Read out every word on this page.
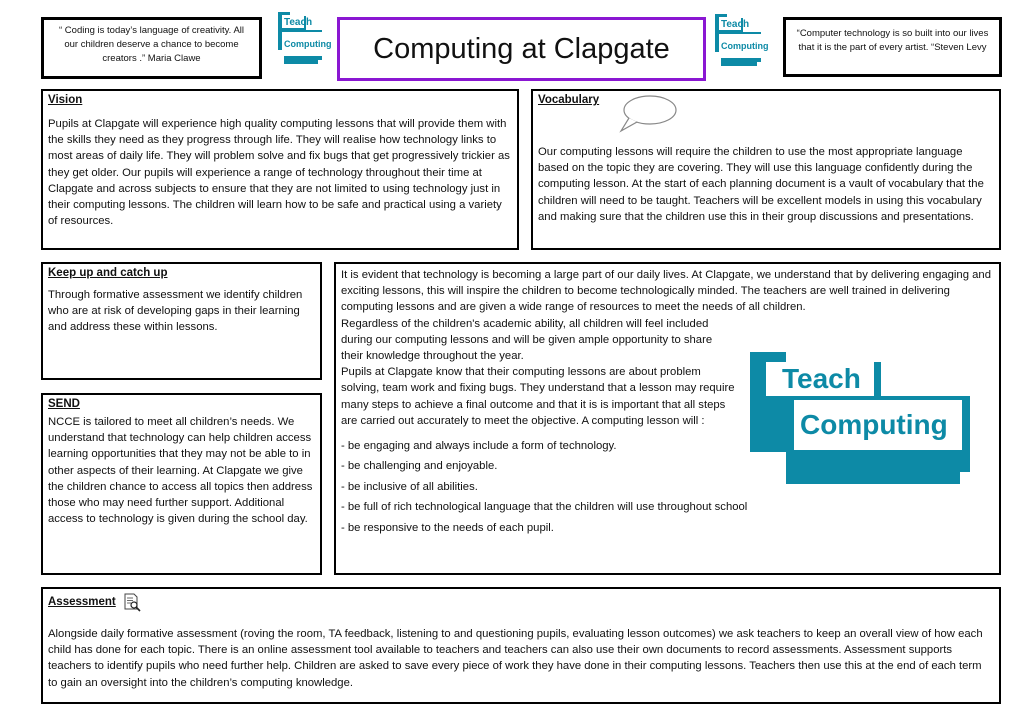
“ Coding is today’s language of creativity. All our children deserve a chance to become creators .” Maria Clawe
Teach
Computing Computing at Clapgate
Teach
Computing
“Computer technology is so built into our lives that it is the part of every artist. “Steven Levy
Vision

Pupils at Clapgate will experience high quality computing lessons that will provide them with the skills they need as they progress through life. They will realise how technology links to most areas of daily life. They will problem solve and fix bugs that get progressively trickier as they get older. Our pupils will experience a range of technology throughout their time at Clapgate and across subjects to ensure that they are not limited to using technology just in their computing lessons. The children will learn how to be safe and practical using a variety of resources.

Vocabulary

Our computing lessons will require the children to use the most appropriate language based on the topic they are covering. They will use this language confidently during the computing lesson. At the start of each planning document is a vault of vocabulary that the children will need to be taught. Teachers will be excellent models in using this vocabulary and making sure that the children use this in their group discussions and presentations.

Keep up and catch up

Through formative assessment we identify children who are at risk of developing gaps in their learning and address these within lessons.

SEND

NCCE is tailored to meet all children’s needs. We understand that technology can help children access learning opportunities that they may not be able to in other aspects of their learning. At Clapgate we give the children chance to access all topics then address those who may need further support. Additional access to technology is given during the school day.

It is evident that technology is becoming a large part of our daily lives. At Clapgate, we understand that by delivering engaging and exciting lessons, this will inspire the children to become technologically minded. The teachers are well trained in delivering computing lessons and are given a wide range of resources to meet the needs of all children.

Regardless of the children's academic ability, all children will feel included during our computing lessons and will be given ample opportunity to share their knowledge throughout the year.

Pupils at Clapgate know that their computing lessons are about problem solving, team work and fixing bugs. They understand that a lesson may require many steps to achieve a final outcome and that it is is important that all steps are carried out accurately to meet the objective. A computing lesson will :

- be engaging and always include a form of technology.
- be challenging and enjoyable.
- be inclusive of all abilities.
- be full of rich technological language that the children will use throughout school
- be responsive to the needs of each pupil.
Teach
Computing
Assessment

Alongside daily formative assessment (roving the room, TA feedback, listening to and questioning pupils, evaluating lesson outcomes) we ask teachers to keep an overall view of how each child has done for each topic. There is an online assessment tool available to teachers and teachers can also use their own documents to record assessments. Assessment supports teachers to identify pupils who need further help. Children are asked to save every piece of work they have done in their computing lessons. Teachers then use this at the end of each term to gain an oversight into the children’s computing knowledge.
